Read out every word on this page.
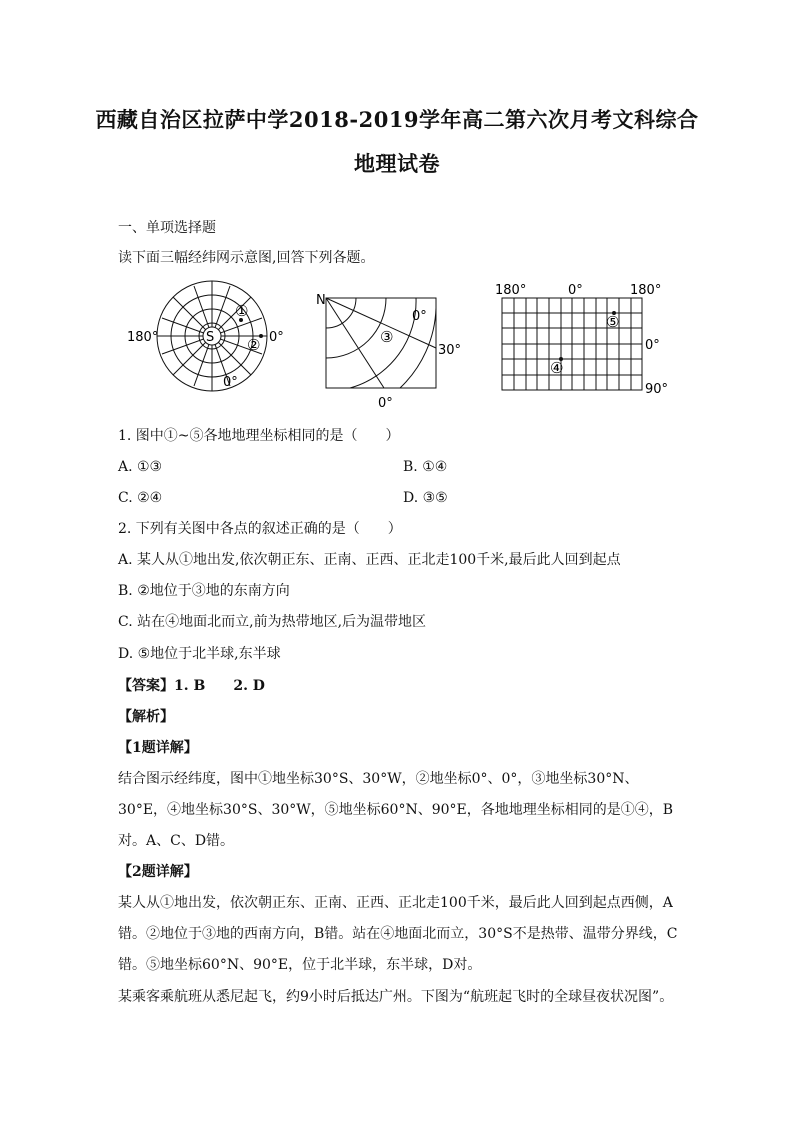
西藏自治区拉萨中学2018-2019学年高二第六次月考文科综合
地理试卷
一、单项选择题
读下面三幅经纬网示意图,回答下列各题。
S
180°	0°
0°
①
②
N
0°
30°
0°
③
180°	0°	180°
0°
90°
⑤
④
1. 图中①~⑤各地地理坐标相同的是（　　）
A. ①③	B. ①④
C. ②④	D. ③⑤
2. 下列有关图中各点的叙述正确的是（　　）
A. 某人从①地出发,依次朝正东、正南、正西、正北走100千米,最后此人回到起点
B. ②地位于③地的东南方向
C. 站在④地面北而立,前为热带地区,后为温带地区
D. ⑤地位于北半球,东半球
【答案】1. B　　2. D
【解析】
【1题详解】
结合图示经纬度，图中①地坐标30°S、30°W，②地坐标0°、0°，③地坐标30°N、30°E，④地坐标30°S、30°W，⑤地坐标60°N、90°E，各地地理坐标相同的是①④，B对。A、C、D错。
【2题详解】
某人从①地出发，依次朝正东、正南、正西、正北走100千米，最后此人回到起点西侧，A错。②地位于③地的西南方向，B错。站在④地面北而立，30°S不是热带、温带分界线，C错。⑤地坐标60°N、90°E，位于北半球，东半球，D对。
某乘客乘航班从悉尼起飞，约9小时后抵达广州。下图为“航班起飞时的全球昼夜状况图”。
